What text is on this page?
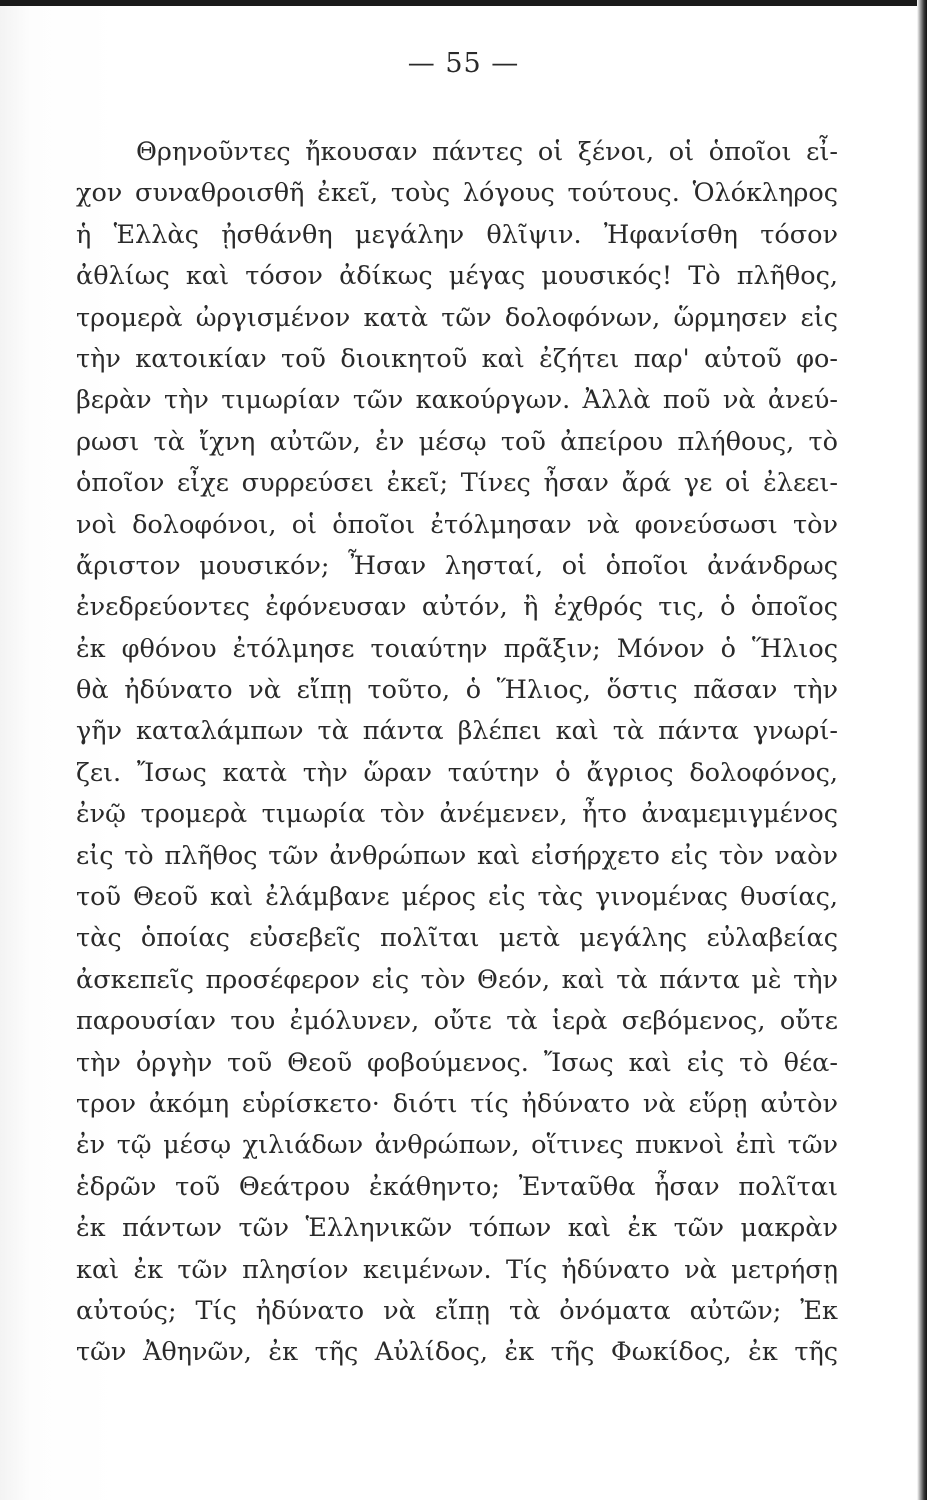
— 55 —
Θρηνοῦντες ἤκουσαν πάντες οἱ ξένοι, οἱ ὁποῖοι εἶ-
χον συναθροισθῆ ἐκεῖ, τοὺς λόγους τούτους. Ὁλόκληρος
ἡ Ἑλλὰς ᾐσθάνθη μεγάλην θλῖψιν. Ἠφανίσθη τόσον
ἀθλίως καὶ τόσον ἀδίκως μέγας μουσικός! Τὸ πλῆθος,
τρομερὰ ὠργισμένον κατὰ τῶν δολοφόνων, ὥρμησεν εἰς
τὴν κατοικίαν τοῦ διοικητοῦ καὶ ἐζήτει παρ' αὐτοῦ φο-
βερὰν τὴν τιμωρίαν τῶν κακούργων. Ἀλλὰ ποῦ νὰ ἀνεύ-
ρωσι τὰ ἴχνη αὐτῶν, ἐν μέσῳ τοῦ ἀπείρου πλήθους, τὸ
ὁποῖον εἶχε συρρεύσει ἐκεῖ; Τίνες ἦσαν ἄρά γε οἱ ἐλεει-
νοὶ δολοφόνοι, οἱ ὁποῖοι ἐτόλμησαν νὰ φονεύσωσι τὸν
ἄριστον μουσικόν; Ἦσαν λησταί, οἱ ὁποῖοι ἀνάνδρως
ἐνεδρεύοντες ἐφόνευσαν αὐτόν, ἢ ἐχθρός τις, ὁ ὁποῖος
ἐκ φθόνου ἐτόλμησε τοιαύτην πρᾶξιν; Μόνον ὁ Ἥλιος
θὰ ἠδύνατο νὰ εἴπῃ τοῦτο, ὁ Ἥλιος, ὅστις πᾶσαν τὴν
γῆν καταλάμπων τὰ πάντα βλέπει καὶ τὰ πάντα γνωρί-
ζει. Ἴσως κατὰ τὴν ὥραν ταύτην ὁ ἄγριος δολοφόνος,
ἐνῷ τρομερὰ τιμωρία τὸν ἀνέμενεν, ἦτο ἀναμεμιγμένος
εἰς τὸ πλῆθος τῶν ἀνθρώπων καὶ εἰσήρχετο εἰς τὸν ναὸν
τοῦ Θεοῦ καὶ ἐλάμβανε μέρος εἰς τὰς γινομένας θυσίας,
τὰς ὁποίας εὐσεβεῖς πολῖται μετὰ μεγάλης εὐλαβείας
ἀσκεπεῖς προσέφερον εἰς τὸν Θεόν, καὶ τὰ πάντα μὲ τὴν
παρουσίαν του ἐμόλυνεν, οὔτε τὰ ἱερὰ σεβόμενος, οὔτε
τὴν ὀργὴν τοῦ Θεοῦ φοβούμενος. Ἴσως καὶ εἰς τὸ θέα-
τρον ἀκόμη εὑρίσκετο· διότι τίς ἠδύνατο νὰ εὕρῃ αὐτὸν
ἐν τῷ μέσῳ χιλιάδων ἀνθρώπων, οἵτινες πυκνοὶ ἐπὶ τῶν
ἑδρῶν τοῦ Θεάτρου ἐκάθηντο; Ἐνταῦθα ἦσαν πολῖται
ἐκ πάντων τῶν Ἑλληνικῶν τόπων καὶ ἐκ τῶν μακρὰν
καὶ ἐκ τῶν πλησίον κειμένων. Τίς ἠδύνατο νὰ μετρήσῃ
αὐτούς; Τίς ἠδύνατο νὰ εἴπῃ τὰ ὀνόματα αὐτῶν; Ἐκ
τῶν Ἀθηνῶν, ἐκ τῆς Αὐλίδος, ἐκ τῆς Φωκίδος, ἐκ τῆς
